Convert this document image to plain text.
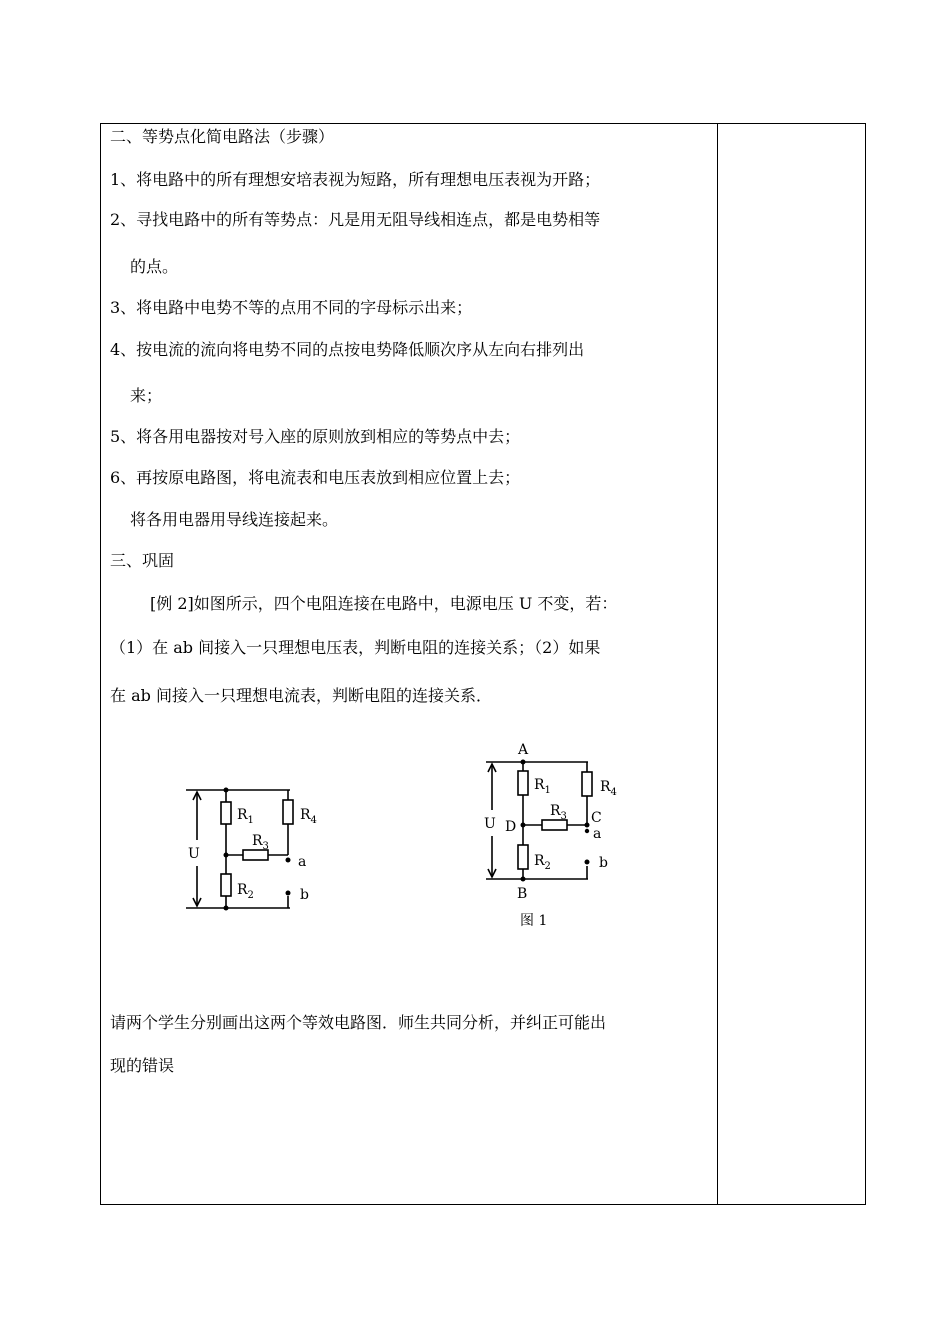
二、等势点化简电路法（步骤）
1、将电路中的所有理想安培表视为短路，所有理想电压表视为开路；
2、寻找电路中的所有等势点：凡是用无阻导线相连点，都是电势相等
的点。
3、将电路中电势不等的点用不同的字母标示出来；
4、按电流的流向将电势不同的点按电势降低顺次序从左向右排列出
来；
5、将各用电器按对号入座的原则放到相应的等势点中去；
6、再按原电路图，将电流表和电压表放到相应位置上去；
将各用电器用导线连接起来。
三、巩固
[例 2]如图所示，四个电阻连接在电路中，电源电压 U 不变，若：
（1）在 ab 间接入一只理想电压表，判断电阻的连接关系；（2）如果
在 ab 间接入一只理想电流表，判断电阻的连接关系．
请两个学生分别画出这两个等效电路图．师生共同分析，并纠正可能出
现的错误
U
$R_1$
$R_3$
$R_4$
$R_2$
a
b
A
B
C
D
U
$R_1$
$R_3$
$R_4$
$R_2$
a
b
图 1
